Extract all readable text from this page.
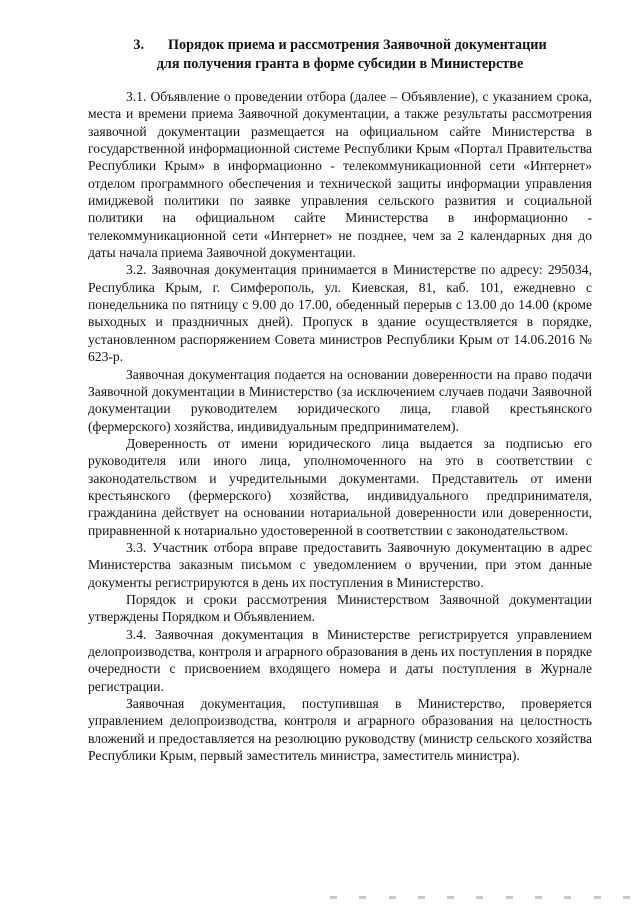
3. Порядок приема и рассмотрения Заявочной документации
для получения гранта в форме субсидии в Министерстве

3.1. Объявление о проведении отбора (далее – Объявление), с указанием срока, места и времени приема Заявочной документации, а также результаты рассмотрения заявочной документации размещается на официальном сайте Министерства в государственной информационной системе Республики Крым «Портал Правительства Республики Крым» в информационно - телекоммуникационной сети «Интернет» отделом программного обеспечения и технической защиты информации управления имиджевой политики по заявке управления сельского развития и социальной политики на официальном сайте Министерства в информационно - телекоммуникационной сети «Интернет» не позднее, чем за 2 календарных дня до даты начала приема Заявочной документации.

3.2. Заявочная документация принимается в Министерстве по адресу: 295034, Республика Крым, г. Симферополь, ул. Киевская, 81, каб. 101, ежедневно с понедельника по пятницу с 9.00 до 17.00, обеденный перерыв с 13.00 до 14.00 (кроме выходных и праздничных дней). Пропуск в здание осуществляется в порядке, установленном распоряжением Совета министров Республики Крым от 14.06.2016 № 623-р.

Заявочная документация подается на основании доверенности на право подачи Заявочной документации в Министерство (за исключением случаев подачи Заявочной документации руководителем юридического лица, главой крестьянского (фермерского) хозяйства, индивидуальным предпринимателем).

Доверенность от имени юридического лица выдается за подписью его руководителя или иного лица, уполномоченного на это в соответствии с законодательством и учредительными документами. Представитель от имени крестьянского (фермерского) хозяйства, индивидуального предпринимателя, гражданина действует на основании нотариальной доверенности или доверенности, приравненной к нотариально удостоверенной в соответствии с законодательством.

3.3. Участник отбора вправе предоставить Заявочную документацию в адрес Министерства заказным письмом с уведомлением о вручении, при этом данные документы регистрируются в день их поступления в Министерство.

Порядок и сроки рассмотрения Министерством Заявочной документации утверждены Порядком и Объявлением.

3.4. Заявочная документация в Министерстве регистрируется управлением делопроизводства, контроля и аграрного образования в день их поступления в порядке очередности с присвоением входящего номера и даты поступления в Журнале регистрации.

Заявочная документация, поступившая в Министерство, проверяется управлением делопроизводства, контроля и аграрного образования на целостность вложений и предоставляется на резолюцию руководству (министр сельского хозяйства Республики Крым, первый заместитель министра, заместитель министра).
